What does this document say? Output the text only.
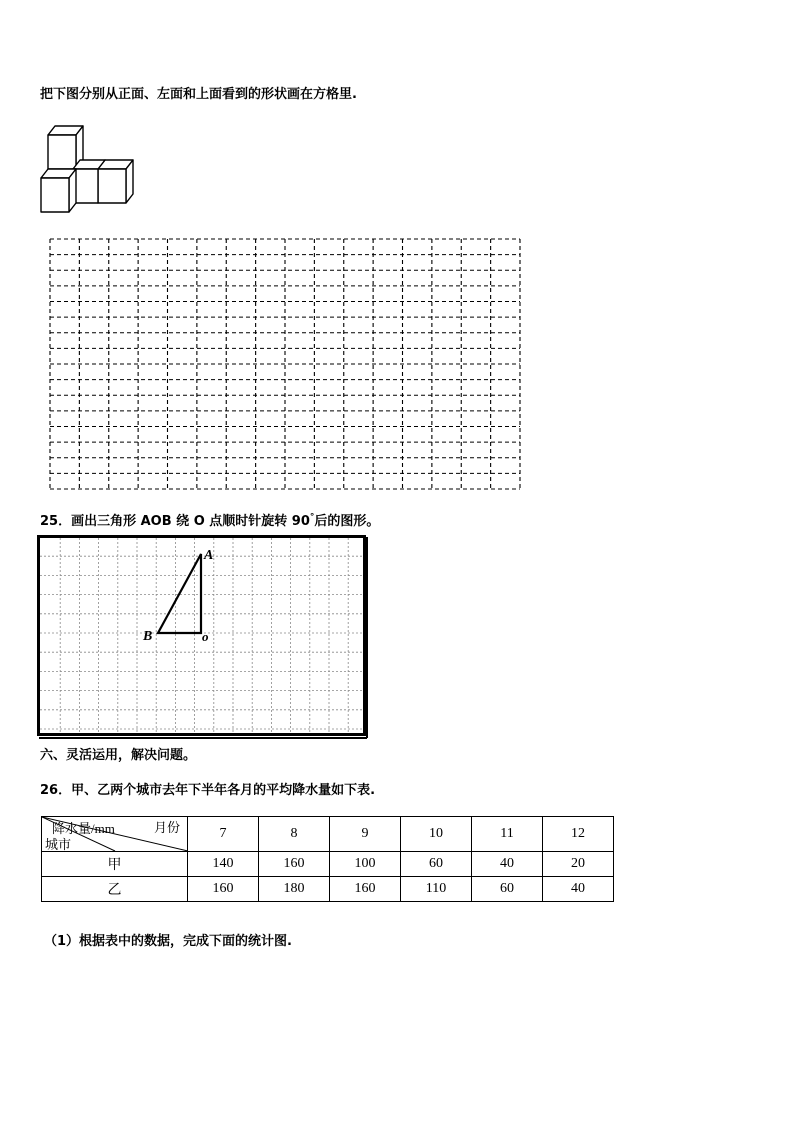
把下图分别从正面、左面和上面看到的形状画在方格里.
25．画出三角形 AOB 绕 O 点顺时针旋转 90°后的图形。
A
B	o
六、灵活运用，解决问题。
26．甲、乙两个城市去年下半年各月的平均降水量如下表.
降水量/mm 月份
城市	7	8	9	10	11	12
甲	140	160	100	60	40	20
乙	160	180	160	110	60	40
（1）根据表中的数据，完成下面的统计图.
